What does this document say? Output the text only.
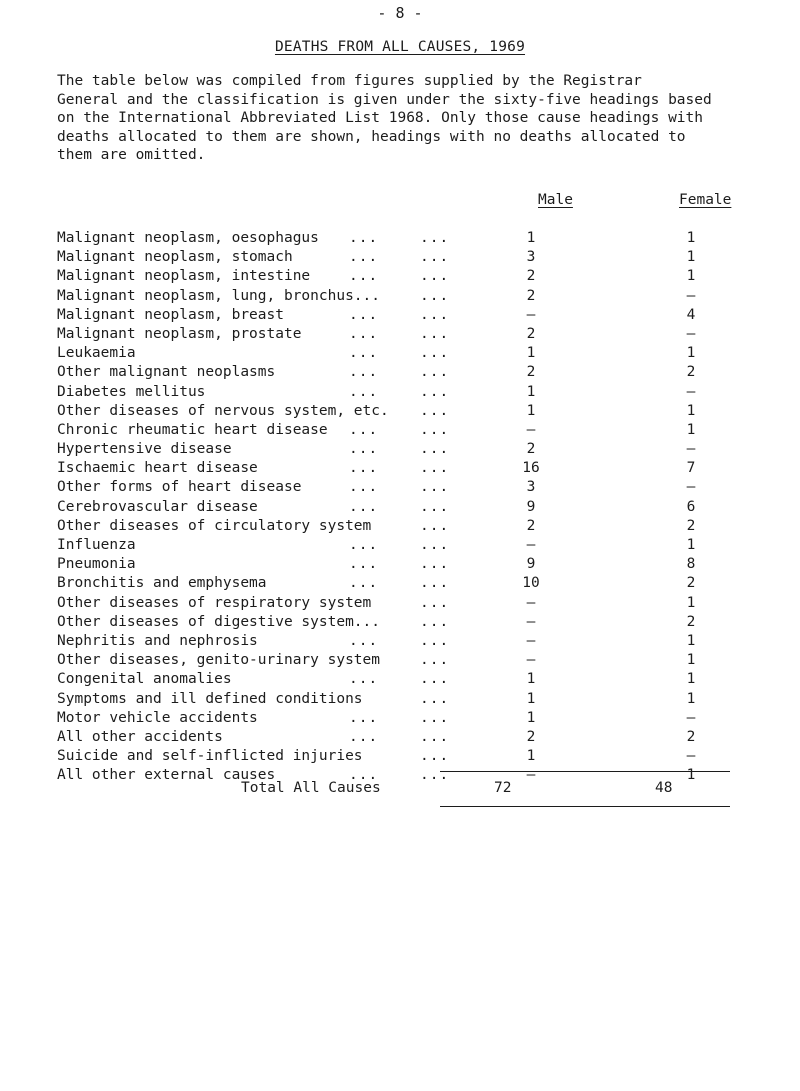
- 8 -
DEATHS FROM ALL CAUSES, 1969

The table below was compiled from figures supplied by the Registrar
General and the classification is given under the sixty-five headings based
on the International Abbreviated List 1968. Only those cause headings with
deaths allocated to them are shown, headings with no deaths allocated to
them are omitted.

Male	Female
Malignant neoplasm, oesophagus ...	...	1	1
Malignant neoplasm, stomach	...	...	3	1
Malignant neoplasm, intestine	...	...	2	1
Malignant neoplasm, lung, bronchus...	...	2	–
Malignant neoplasm, breast	...	...	–	4
Malignant neoplasm, prostate	...	...	2	–
Leukaemia	...	...	1	1
Other malignant neoplasms	...	...	2	2
Diabetes mellitus	...	...	1	–
Other diseases of nervous system, etc. ...	1	1
Chronic rheumatic heart disease ...	...	–	1
Hypertensive disease	...	...	2	–
Ischaemic heart disease	...	...	16	7
Other forms of heart disease	...	...	3	–
Cerebrovascular disease	...	...	9	6
Other diseases of circulatory system	...	2	2
Influenza	...	...	–	1
Pneumonia	...	...	9	8
Bronchitis and emphysema	...	...	10	2
Other diseases of respiratory system	...	–	1
Other diseases of digestive system...	...	–	2
Nephritis and nephrosis	...	...	–	1
Other diseases, genito-urinary system	...	–	1
Congenital anomalies	...	...	1	1
Symptoms and ill defined conditions	...	1	1
Motor vehicle accidents	...	...	1	–
All other accidents	...	...	2	2
Suicide and self-inflicted injuries	...	1	–
All other external causes	...	...	–	1
Total All Causes	72	48
